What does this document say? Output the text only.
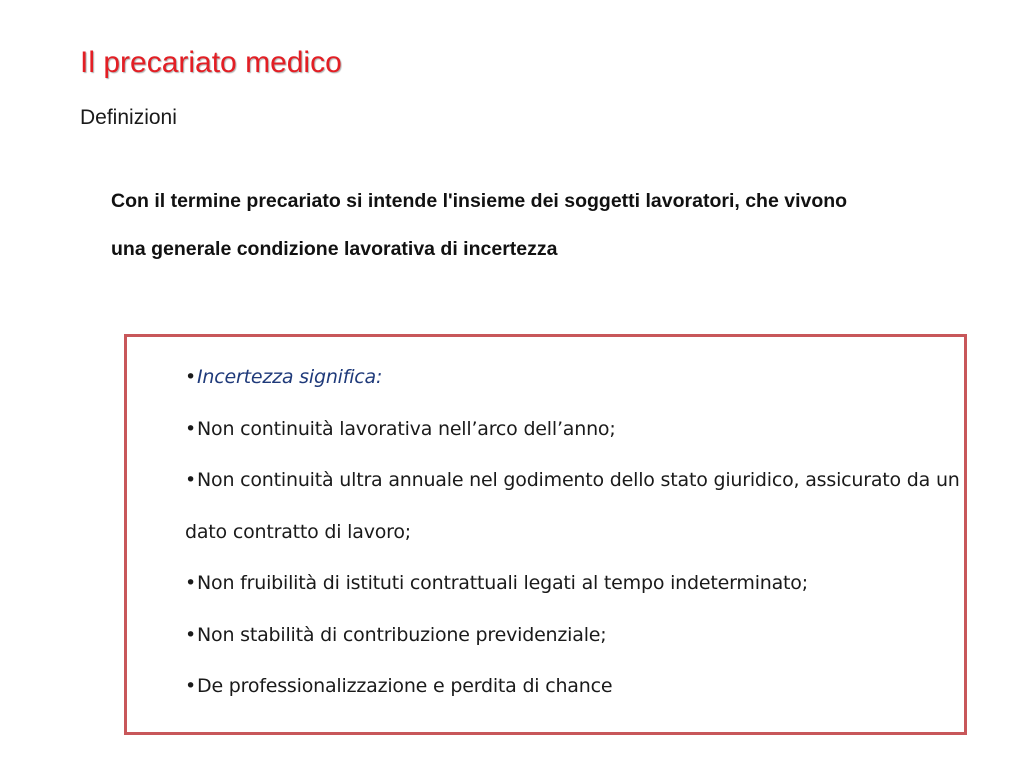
Il precariato medico
Definizioni
Con il termine precariato si intende l'insieme dei soggetti lavoratori, che vivono una generale condizione lavorativa di incertezza
•Incertezza significa:
•Non continuità lavorativa nell’arco dell’anno;
•Non continuità ultra annuale nel godimento dello stato giuridico, assicurato da un dato contratto di lavoro;
•Non fruibilità di istituti contrattuali legati al tempo indeterminato;
•Non stabilità di contribuzione previdenziale;
•De professionalizzazione e perdita di chance
